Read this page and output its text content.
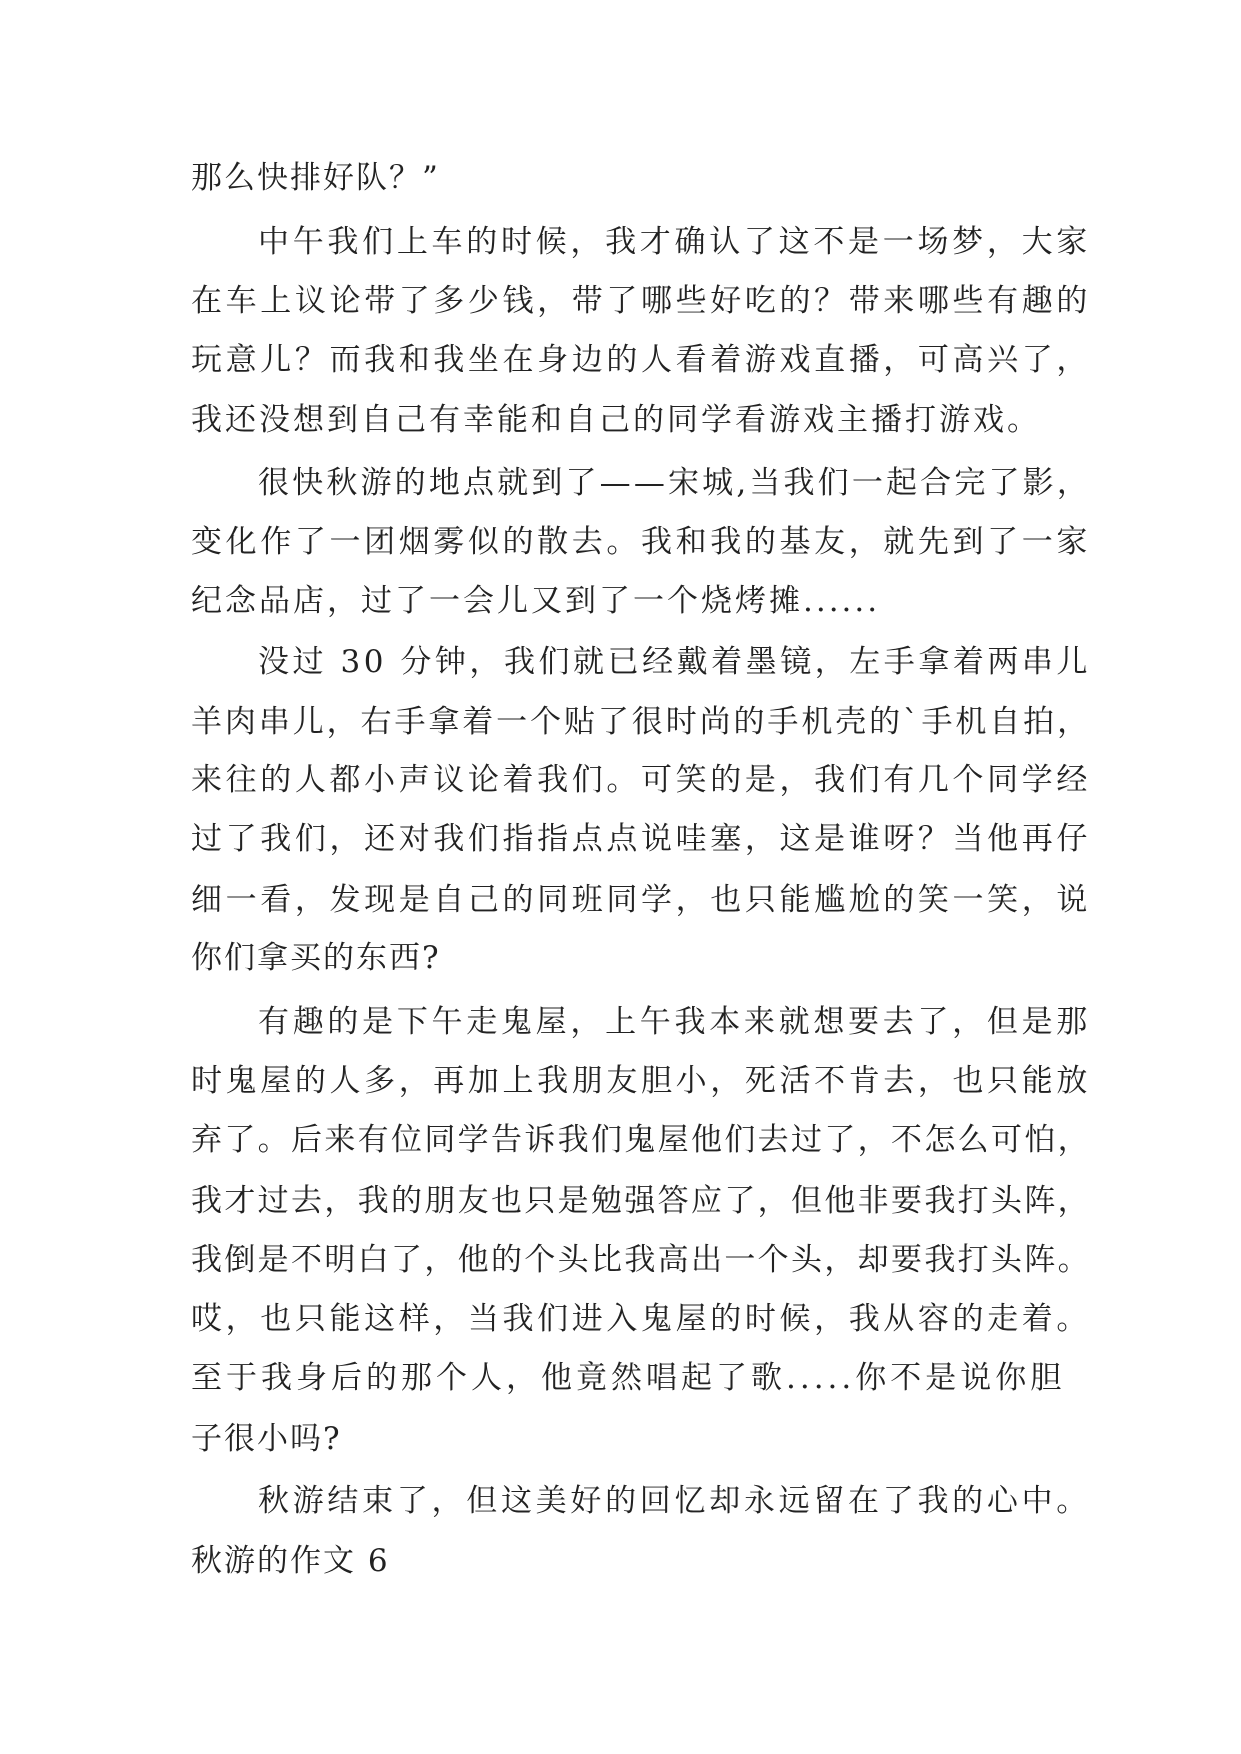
那么快排好队？”
中午我们上车的时候，我才确认了这不是一场梦，大家
在车上议论带了多少钱，带了哪些好吃的？带来哪些有趣的
玩意儿？而我和我坐在身边的人看着游戏直播，可高兴了，
我还没想到自己有幸能和自己的同学看游戏主播打游戏。
很快秋游的地点就到了——宋城,当我们一起合完了影，
变化作了一团烟雾似的散去。我和我的基友，就先到了一家
纪念品店，过了一会儿又到了一个烧烤摊......
没过 30 分钟，我们就已经戴着墨镜，左手拿着两串儿
羊肉串儿，右手拿着一个贴了很时尚的手机壳的`手机自拍，
来往的人都小声议论着我们。可笑的是，我们有几个同学经
过了我们，还对我们指指点点说哇塞，这是谁呀？当他再仔
细一看，发现是自己的同班同学，也只能尴尬的笑一笑，说
你们拿买的东西?
有趣的是下午走鬼屋，上午我本来就想要去了，但是那
时鬼屋的人多，再加上我朋友胆小，死活不肯去，也只能放
弃了。后来有位同学告诉我们鬼屋他们去过了，不怎么可怕，
我才过去，我的朋友也只是勉强答应了，但他非要我打头阵，
我倒是不明白了，他的个头比我高出一个头，却要我打头阵。
哎，也只能这样，当我们进入鬼屋的时候，我从容的走着。
至于我身后的那个人，他竟然唱起了歌.....你不是说你胆
子很小吗?
秋游结束了，但这美好的回忆却永远留在了我的心中。
秋游的作文 6
